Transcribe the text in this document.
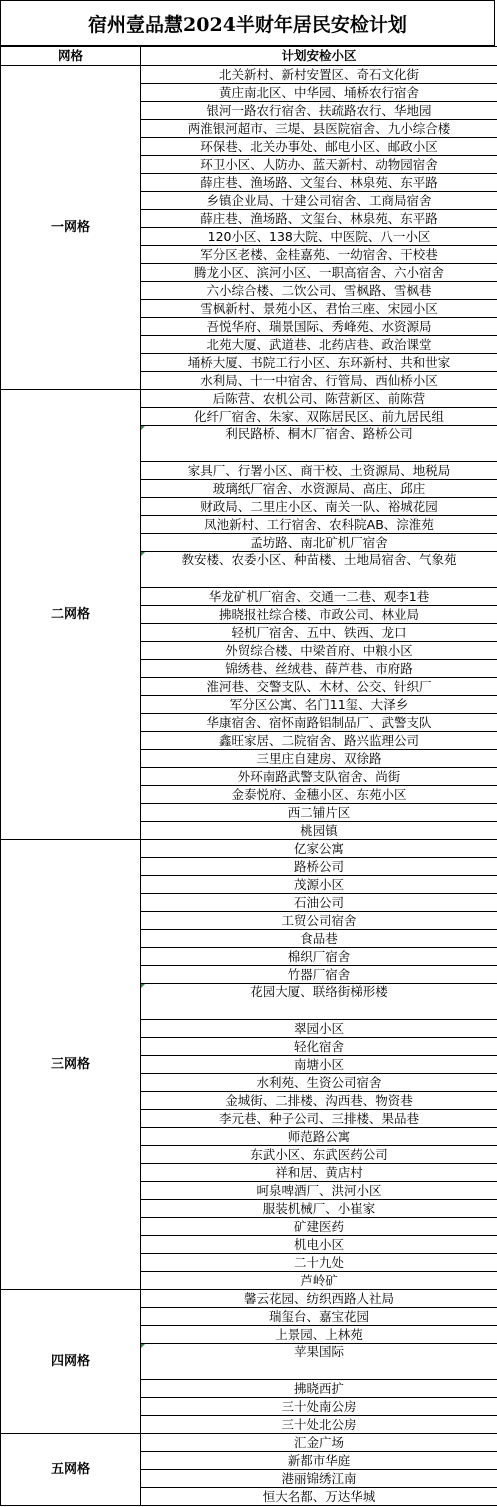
宿州壹品慧2024半财年居民安检计划
网格	计划安检小区
一网格	北关新村、新村安置区、奇石文化街
	黄庄南北区、中华园、埇桥农行宿舍
	银河一路农行宿舍、扶疏路农行、华地园
	两淮银河超市、三堤、县医院宿舍、九小综合楼
	环保巷、北关办事处、邮电小区、邮政小区
	环卫小区、人防办、蓝天新村、动物园宿舍
	薛庄巷、渔场路、文玺台、林泉苑、东平路
	乡镇企业局、十建公司宿舍、工商局宿舍
	薛庄巷、渔场路、文玺台、林泉苑、东平路
	120小区、138大院、中医院、八一小区
	军分区老楼、金桂嘉苑、一幼宿舍、干校巷
	腾龙小区、滨河小区、一职高宿舍、六小宿舍
	六小综合楼、二饮公司、雪枫路、雪枫巷
	雪枫新村、景苑小区、君怡三座、宋园小区
	吾悦华府、瑞景国际、秀峰苑、水资源局
	北苑大厦、武道巷、北药店巷、政治课堂
	埇桥大厦、书院工行小区、东环新村、共和世家
	水利局、十一中宿舍、行管局、西仙桥小区
二网格	后陈营、农机公司、陈营新区、前陈营
	化纤厂宿舍、朱家、双陈居民区、前九居民组
	利民路桥、桐木厂宿舍、路桥公司
	家具厂、行署小区、商干校、土资源局、地税局
	玻璃纸厂宿舍、水资源局、高庄、邱庄
	财政局、二里庄小区、南关一队、裕城花园
	凤池新村、工行宿舍、农科院AB、淙淮苑
	孟坊路、南北矿机厂宿舍
	教安楼、农委小区、种苗楼、土地局宿舍、气象苑
	华龙矿机厂宿舍、交通一二巷、观李1巷
	拂晓报社综合楼、市政公司、林业局
	轻机厂宿舍、五中、铁西、龙口
	外贸综合楼、中梁首府、中粮小区
	锦绣巷、丝绒巷、薛芦巷、市府路
	淮河巷、交警支队、木材、公交、针织厂
	军分区公寓、名门11玺、大泽乡
	华康宿舍、宿怀南路铝制品厂、武警支队
	鑫旺家居、二院宿舍、路兴监理公司
	三里庄自建房、双徐路
	外环南路武警支队宿舍、尚街
	金泰悦府、金穗小区、东苑小区
	西二铺片区
	桃园镇
三网格	亿家公寓
	路桥公司
	茂源小区
	石油公司
	工贸公司宿舍
	食品巷
	棉织厂宿舍
	竹器厂宿舍
	花园大厦、联络街梯形楼
	翠园小区
	轻化宿舍
	南塘小区
	水利苑、生资公司宿舍
	金城街、二排楼、沟西巷、物资巷
	李元巷、种子公司、三排楼、果品巷
	师范路公寓
	东武小区、东武医药公司
	祥和居、黄店村
	呵泉啤酒厂、洪河小区
	服装机械厂、小崔家
	矿建医药
	机电小区
	二十九处
	芦岭矿
四网格	馨云花园、纺织西路人社局
	瑞玺台、嘉宝花园
	上景园、上林苑
	苹果国际
	拂晓西扩
	三十处南公房
	三十处北公房
五网格	汇金广场
	新都市华庭
	港丽锦绣江南
	恒大名都、万达华城
